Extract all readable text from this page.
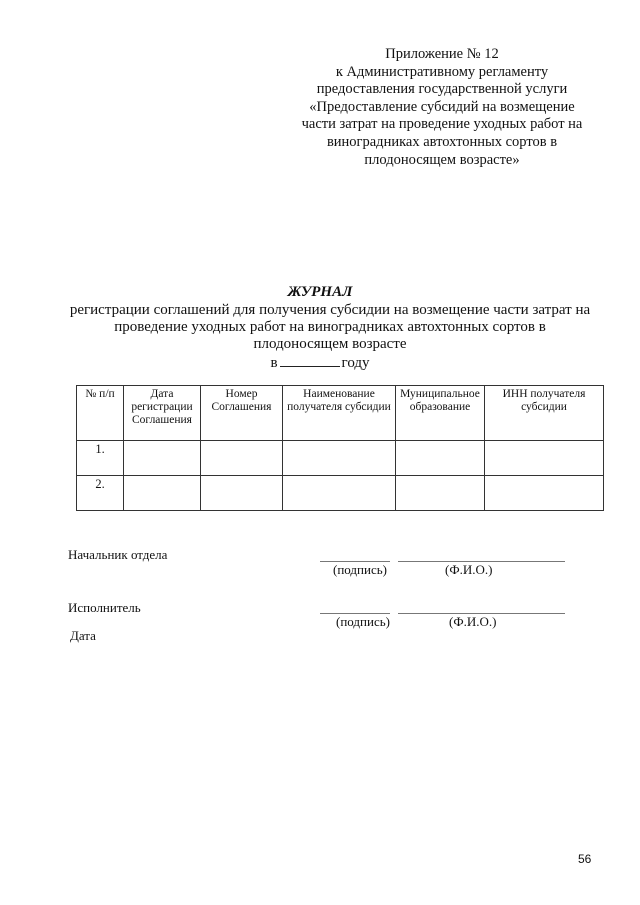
Приложение № 12
к Административному регламенту
предоставления государственной услуги
«Предоставление субсидий на возмещение
части затрат на проведение уходных работ на
виноградниках автохтонных сортов в
плодоносящем возрасте»
ЖУРНАЛ
регистрации соглашений для получения субсидии на возмещение части затрат на
проведение уходных работ на виноградниках автохтонных сортов в
плодоносящем возрасте
в	году
№ п/п	Дата регистрации Соглашения	Номер Соглашения	Наименование получателя субсидии	Муниципальное образование	ИНН получателя субсидии
1.					
2.					
Начальник отдела
(подпись)	(Ф.И.О.)
Исполнитель
(подпись)	(Ф.И.О.)
Дата
56
